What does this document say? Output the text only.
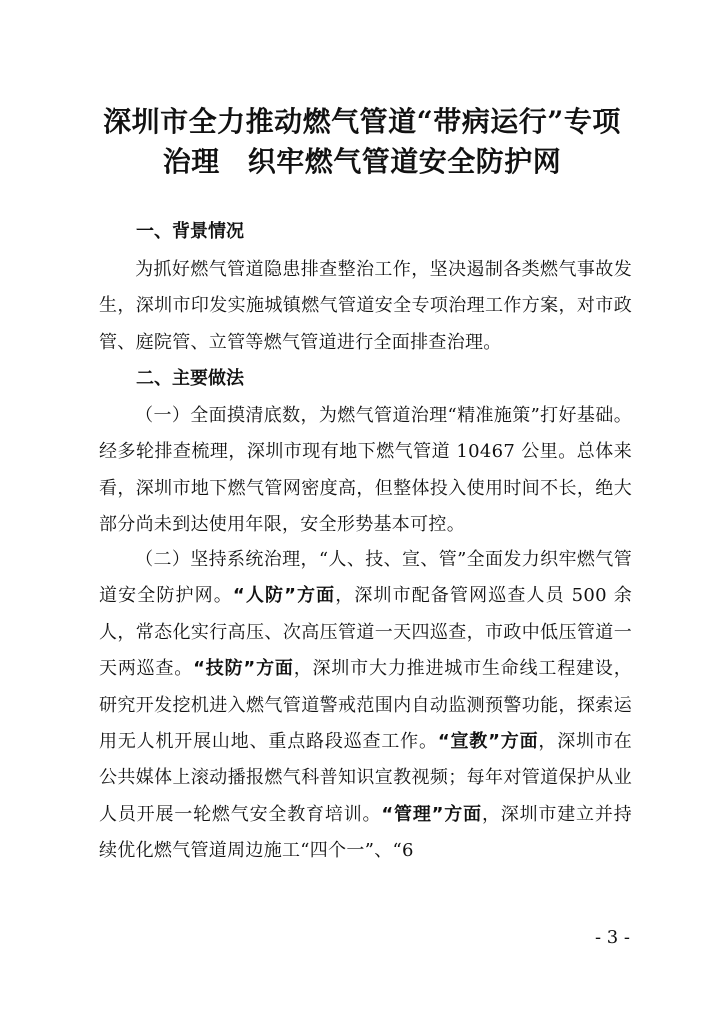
深圳市全力推动燃气管道“带病运行”专项
治理 织牢燃气管道安全防护网
一、背景情况
为抓好燃气管道隐患排查整治工作，坚决遏制各类燃气事故发生，深圳市印发实施城镇燃气管道安全专项治理工作方案，对市政管、庭院管、立管等燃气管道进行全面排查治理。
二、主要做法
（一）全面摸清底数，为燃气管道治理“精准施策”打好基础。经多轮排查梳理，深圳市现有地下燃气管道 10467 公里。总体来看，深圳市地下燃气管网密度高，但整体投入使用时间不长，绝大部分尚未到达使用年限，安全形势基本可控。
（二）坚持系统治理，“人、技、宣、管”全面发力织牢燃气管道安全防护网。“人防”方面，深圳市配备管网巡查人员 500 余人，常态化实行高压、次高压管道一天四巡查，市政中低压管道一天两巡查。“技防”方面，深圳市大力推进城市生命线工程建设，研究开发挖机进入燃气管道警戒范围内自动监测预警功能，探索运用无人机开展山地、重点路段巡查工作。“宣教”方面，深圳市在公共媒体上滚动播报燃气科普知识宣教视频；每年对管道保护从业人员开展一轮燃气安全教育培训。“管理”方面，深圳市建立并持续优化燃气管道周边施工“四个一”、“6
- 3 -
